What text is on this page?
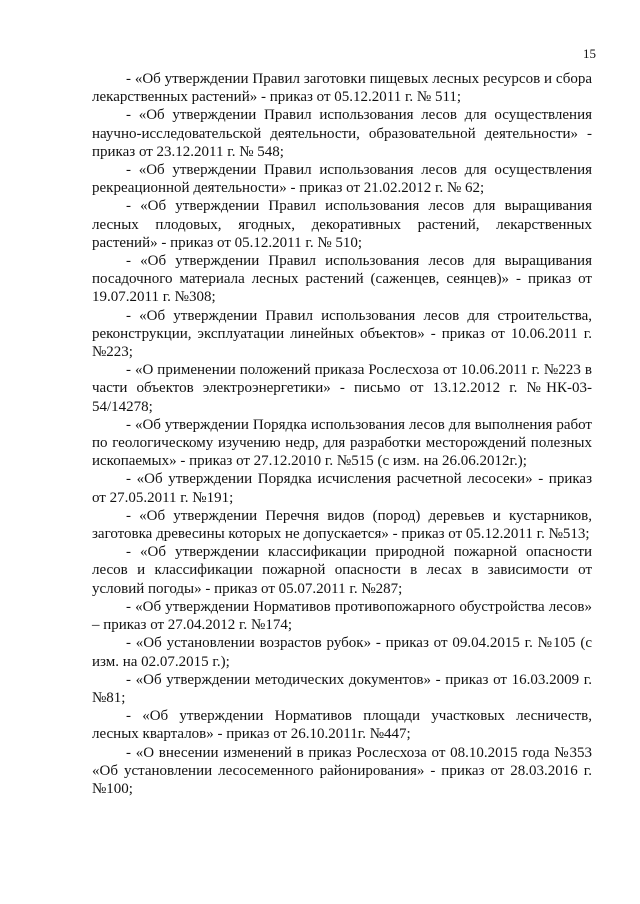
15

- «Об утверждении Правил заготовки пищевых лесных ресурсов и сбора лекарственных растений» - приказ от 05.12.2011 г. № 511;

- «Об утверждении Правил использования лесов для осуществления научно-исследовательской деятельности, образовательной деятельности» - приказ от 23.12.2011 г. № 548;

- «Об утверждении Правил использования лесов для осуществления рекреационной деятельности» - приказ от 21.02.2012 г. № 62;

- «Об утверждении Правил использования лесов для выращивания лесных плодовых, ягодных, декоративных растений, лекарственных растений» - приказ от 05.12.2011 г. № 510;

- «Об утверждении Правил использования лесов для выращивания посадочного материала лесных растений (саженцев, сеянцев)» - приказ от 19.07.2011 г. №308;

- «Об утверждении Правил использования лесов для строительства, реконструкции, эксплуатации линейных объектов» - приказ от 10.06.2011 г. №223;

- «О применении положений приказа Рослесхоза от 10.06.2011 г. №223 в части объектов электроэнергетики» - письмо от 13.12.2012 г. №НК-03-54/14278;

- «Об утверждении Порядка использования лесов для выполнения работ по геологическому изучению недр, для разработки месторождений полезных ископаемых» - приказ от 27.12.2010 г. №515 (с изм. на 26.06.2012г.);

- «Об утверждении Порядка исчисления расчетной лесосеки» - приказ от 27.05.2011 г. №191;

- «Об утверждении Перечня видов (пород) деревьев и кустарников, заготовка древесины которых не допускается» - приказ от 05.12.2011 г. №513;

- «Об утверждении классификации природной пожарной опасности лесов и классификации пожарной опасности в лесах в зависимости от условий погоды» - приказ от 05.07.2011 г. №287;

- «Об утверждении Нормативов противопожарного обустройства лесов» – приказ от 27.04.2012 г. №174;

- «Об установлении возрастов рубок» - приказ от 09.04.2015 г. №105 (с изм. на 02.07.2015 г.);

- «Об утверждении методических документов» - приказ от 16.03.2009 г. №81;

- «Об утверждении Нормативов площади участковых лесничеств, лесных кварталов» - приказ от 26.10.2011г. №447;

- «О внесении изменений в приказ Рослесхоза от 08.10.2015 года №353 «Об установлении лесосеменного районирования» - приказ от 28.03.2016 г. №100;
